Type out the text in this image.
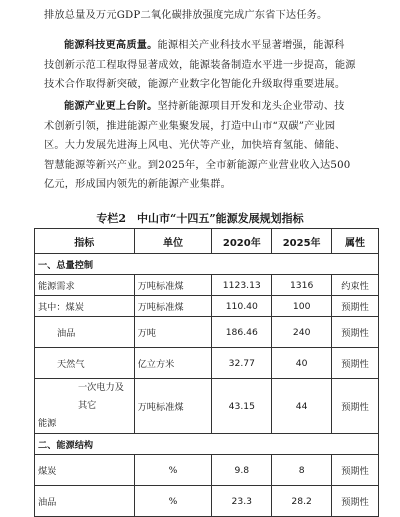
排放总量及万元GDP二氧化碳排放强度完成广东省下达任务。

能源科技更高质量。能源相关产业科技水平显著增强，能源科
技创新示范工程取得显著成效，能源装备制造水平进一步提高，能源
技术合作取得新突破，能源产业数字化智能化升级取得重要进展。

能源产业更上台阶。坚持新能源项目开发和龙头企业带动、技
术创新引领，推进能源产业集聚发展，打造中山市“双碳”产业园
区。大力发展先进海上风电、光伏等产业，加快培育氢能、储能、
智慧能源等新兴产业。到2025年，全市新能源产业营业收入达500
亿元，形成国内领先的新能源产业集群。

专栏2　中山市“十四五”能源发展规划指标
指标	单位	2020年	2025年	属性
一、总量控制				
能源需求	万吨标准煤	1123.13	1316	约束性
其中：煤炭	万吨标准煤	110.40	100	预期性
油品	万吨	186.46	240	预期性
天然气	亿立方米	32.77	40	预期性

一次电力及其它
能源	万吨标准煤	43.15	44	预期性
二、能源结构				
煤炭	%	9.8	8	预期性
油品	%	23.3	28.2	预期性
